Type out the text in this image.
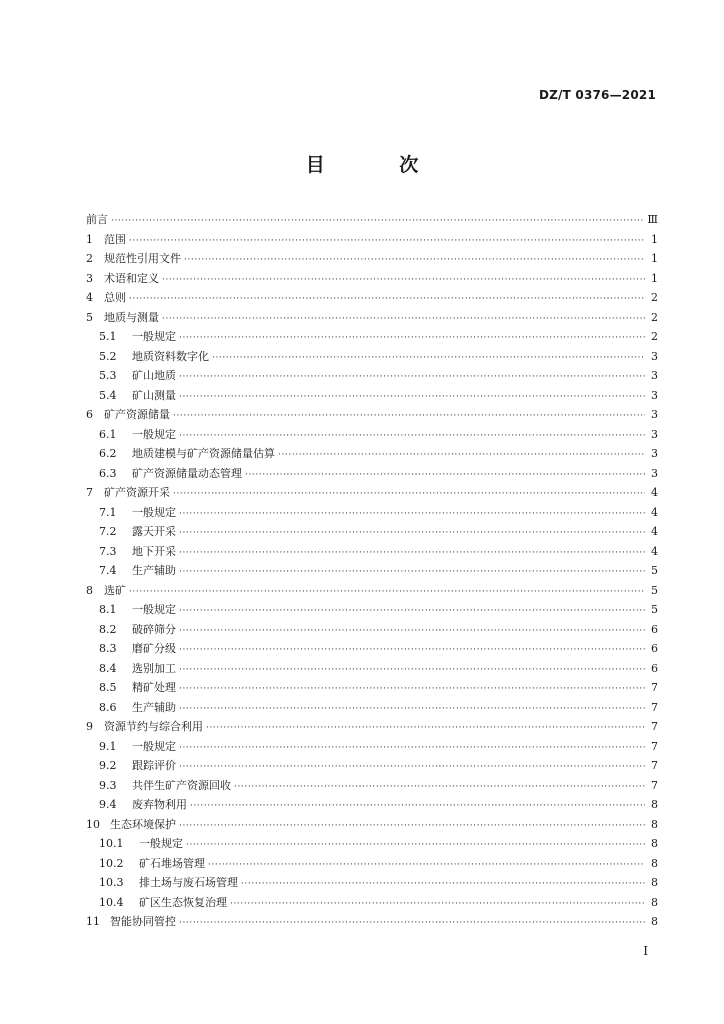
DZ/T 0376—2021
目 次
前言 ·····	Ⅲ
1	范围 ·····	1
2	规范性引用文件 ·····	1
3	术语和定义 ·····	1
4	总则 ·····	2
5	地质与测量 ·····	2
5.1	一般规定 ·····	2
5.2	地质资料数字化 ·····	3
5.3	矿山地质 ·····	3
5.4	矿山测量 ·····	3
6	矿产资源储量 ·····	3
6.1	一般规定 ·····	3
6.2	地质建模与矿产资源储量估算 ·····	3
6.3	矿产资源储量动态管理 ·····	3
7	矿产资源开采 ·····	4
7.1	一般规定 ·····	4
7.2	露天开采 ·····	4
7.3	地下开采 ·····	4
7.4	生产辅助 ·····	5
8	选矿 ·····	5
8.1	一般规定 ·····	5
8.2	破碎筛分 ·····	6
8.3	磨矿分级 ·····	6
8.4	选别加工 ·····	6
8.5	精矿处理 ·····	7
8.6	生产辅助 ·····	7
9	资源节约与综合利用 ·····	7
9.1	一般规定 ·····	7
9.2	跟踪评价 ·····	7
9.3	共伴生矿产资源回收 ·····	7
9.4	废弃物利用 ·····	8
10 生态环境保护 ·····	8
10.1	一般规定 ·····	8
10.2	矿石堆场管理 ·····	8
10.3	排土场与废石场管理 ·····	8
10.4	矿区生态恢复治理 ·····	8
11 智能协同管控 ·····	8
I
